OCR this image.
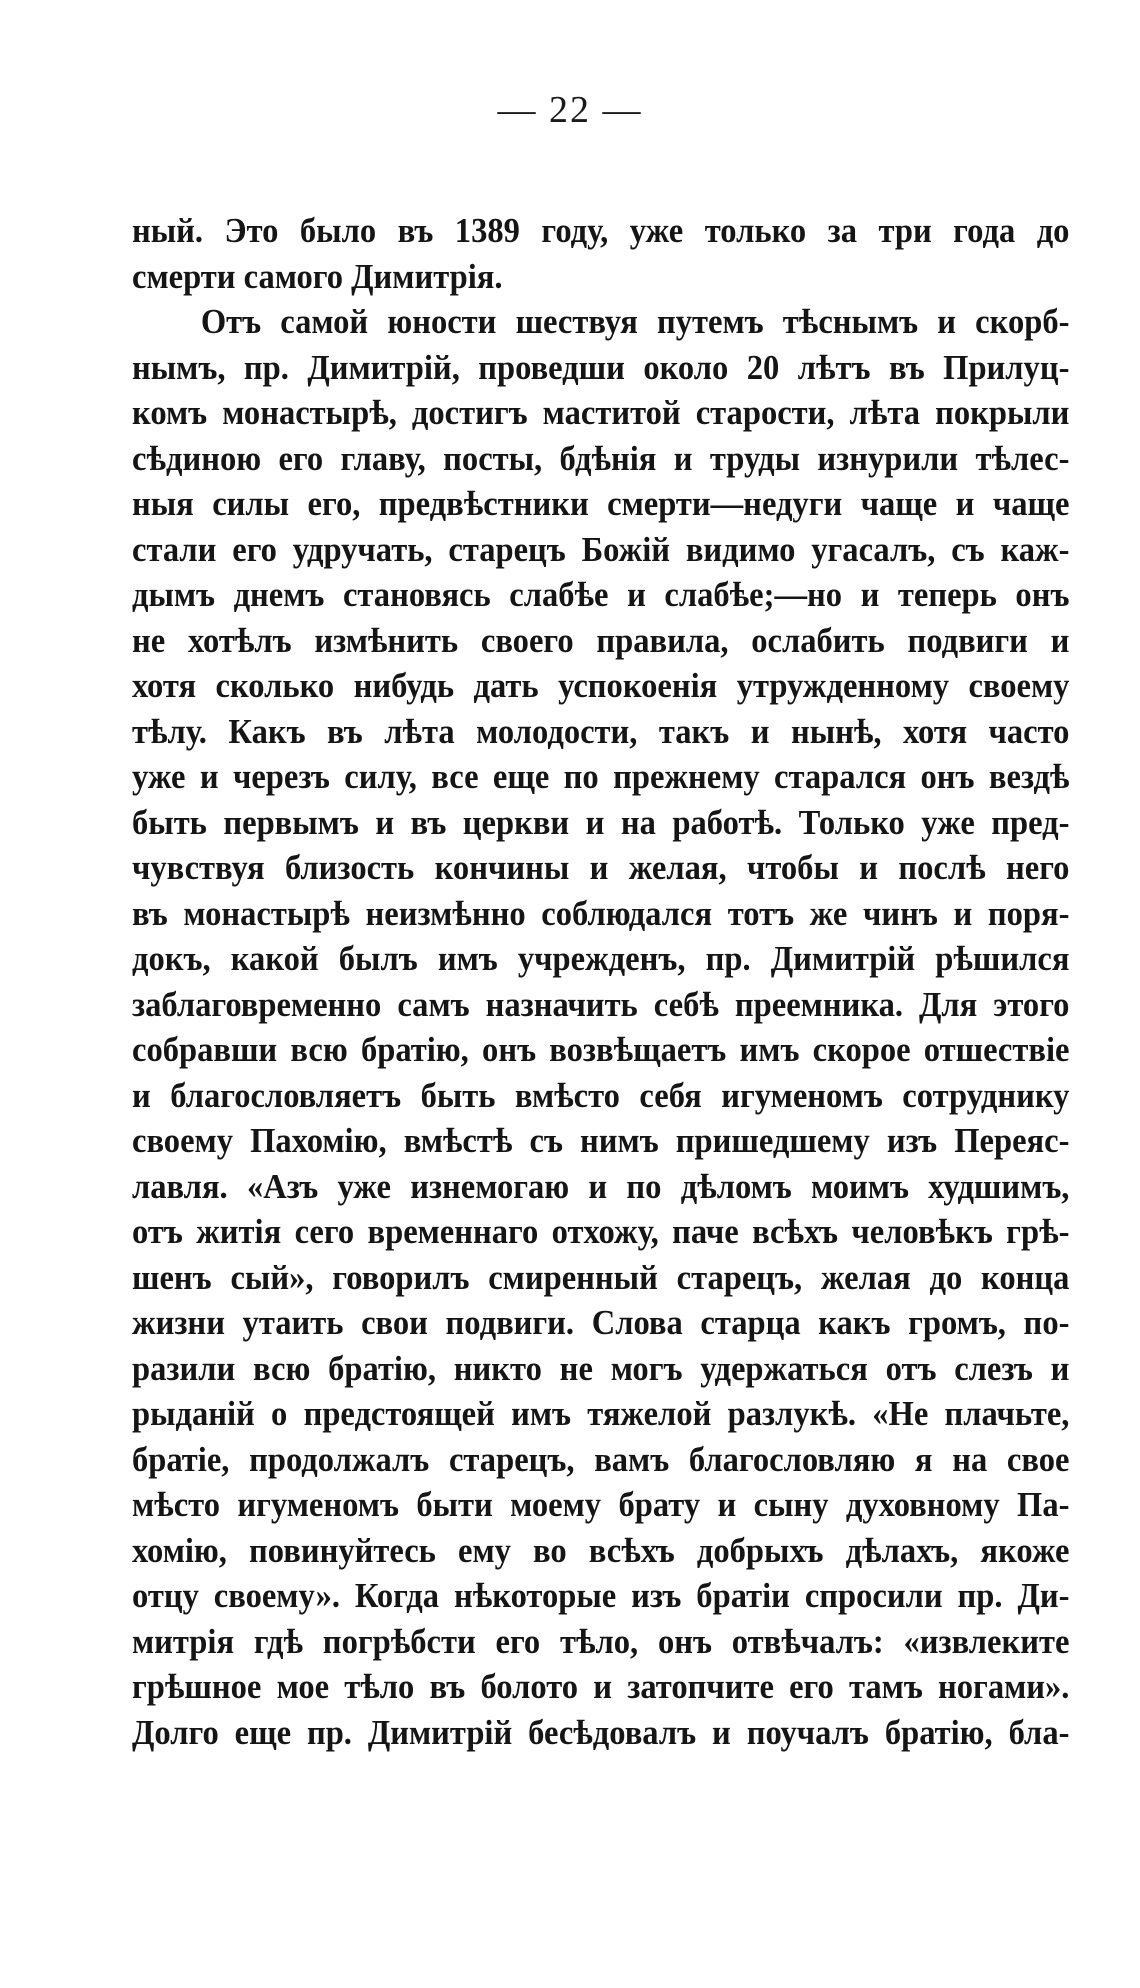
— 22 —
ный. Это было въ 1389 году, уже только за три года до
смерти самого Димитрія.
Отъ самой юности шествуя путемъ тѣснымъ и скорб-
нымъ, пр. Димитрій, проведши около 20 лѣтъ въ Прилуц-
комъ монастырѣ, достигъ маститой старости, лѣта покрыли
сѣдиною его главу, посты, бдѣнія и труды изнурили тѣлес-
ныя силы его, предвѣстники смерти—недуги чаще и чаще
стали его удручать, старецъ Божій видимо угасалъ, съ каж-
дымъ днемъ становясь слабѣе и слабѣе;—но и теперь онъ
не хотѣлъ измѣнить своего правила, ослабить подвиги и
хотя сколько нибудь дать успокоенія утружденному своему
тѣлу. Какъ въ лѣта молодости, такъ и нынѣ, хотя часто
уже и черезъ силу, все еще по прежнему старался онъ вездѣ
быть первымъ и въ церкви и на работѣ. Только уже пред-
чувствуя близость кончины и желая, чтобы и послѣ него
въ монастырѣ неизмѣнно соблюдался тотъ же чинъ и поря-
докъ, какой былъ имъ учрежденъ, пр. Димитрій рѣшился
заблаговременно самъ назначить себѣ преемника. Для этого
собравши всю братію, онъ возвѣщаетъ имъ скорое отшествіе
и благословляетъ быть вмѣсто себя игуменомъ сотруднику
своему Пахомію, вмѣстѣ съ нимъ пришедшему изъ Переяс-
лавля. «Азъ уже изнемогаю и по дѣломъ моимъ худшимъ,
отъ житія сего временнаго отхожу, паче всѣхъ человѣкъ грѣ-
шенъ сый», говорилъ смиренный старецъ, желая до конца
жизни утаить свои подвиги. Слова старца какъ громъ, по-
разили всю братію, никто не могъ удержаться отъ слезъ и
рыданій о предстоящей имъ тяжелой разлукѣ. «Не плачьте,
братіе, продолжалъ старецъ, вамъ благословляю я на свое
мѣсто игуменомъ быти моему брату и сыну духовному Па-
хомію, повинуйтесь ему во всѣхъ добрыхъ дѣлахъ, якоже
отцу своему». Когда нѣкоторые изъ братіи спросили пр. Ди-
митрія гдѣ погрѣбсти его тѣло, онъ отвѣчалъ: «извлеките
грѣшное мое тѣло въ болото и затопчите его тамъ ногами».
Долго еще пр. Димитрій бесѣдовалъ и поучалъ братію, бла-
